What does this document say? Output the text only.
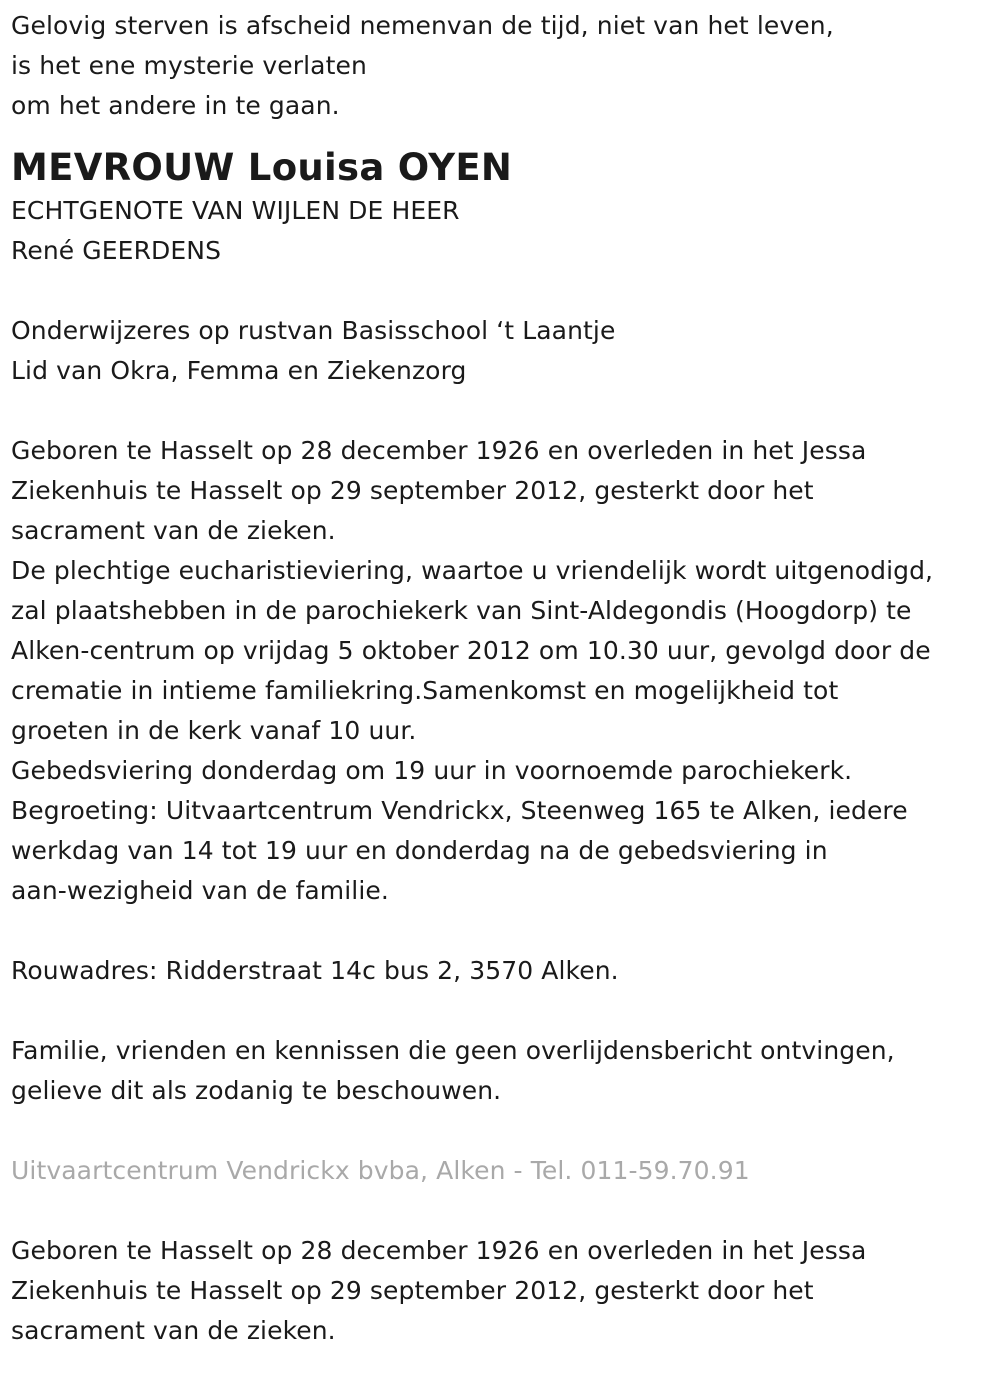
Gelovig sterven is afscheid nemenvan de tijd, niet van het leven,
is het ene mysterie verlaten
om het andere in te gaan.
MEVROUW Louisa OYEN
ECHTGENOTE VAN WIJLEN DE HEER
René GEERDENS
Onderwijzeres op rustvan Basisschool ‘t Laantje
Lid van Okra, Femma en Ziekenzorg
Geboren te Hasselt op 28 december 1926 en overleden in het Jessa
Ziekenhuis te Hasselt op 29 september 2012, gesterkt door het
sacrament van de zieken.
De plechtige eucharistieviering, waartoe u vriendelijk wordt uitgenodigd,
zal plaatshebben in de parochiekerk van Sint-Aldegondis (Hoogdorp) te
Alken-centrum op vrijdag 5 oktober 2012 om 10.30 uur, gevolgd door de
crematie in intieme familiekring.Samenkomst en mogelijkheid tot
groeten in de kerk vanaf 10 uur.
Gebedsviering donderdag om 19 uur in voornoemde parochiekerk.
Begroeting: Uitvaartcentrum Vendrickx, Steenweg 165 te Alken, iedere
werkdag van 14 tot 19 uur en donderdag na de gebedsviering in
aan-wezigheid van de familie.
Rouwadres: Ridderstraat 14c bus 2, 3570 Alken.
Familie, vrienden en kennissen die geen overlijdensbericht ontvingen,
gelieve dit als zodanig te beschouwen.
Uitvaartcentrum Vendrickx bvba, Alken - Tel. 011-59.70.91
Geboren te Hasselt op 28 december 1926 en overleden in het Jessa
Ziekenhuis te Hasselt op 29 september 2012, gesterkt door het
sacrament van de zieken.
